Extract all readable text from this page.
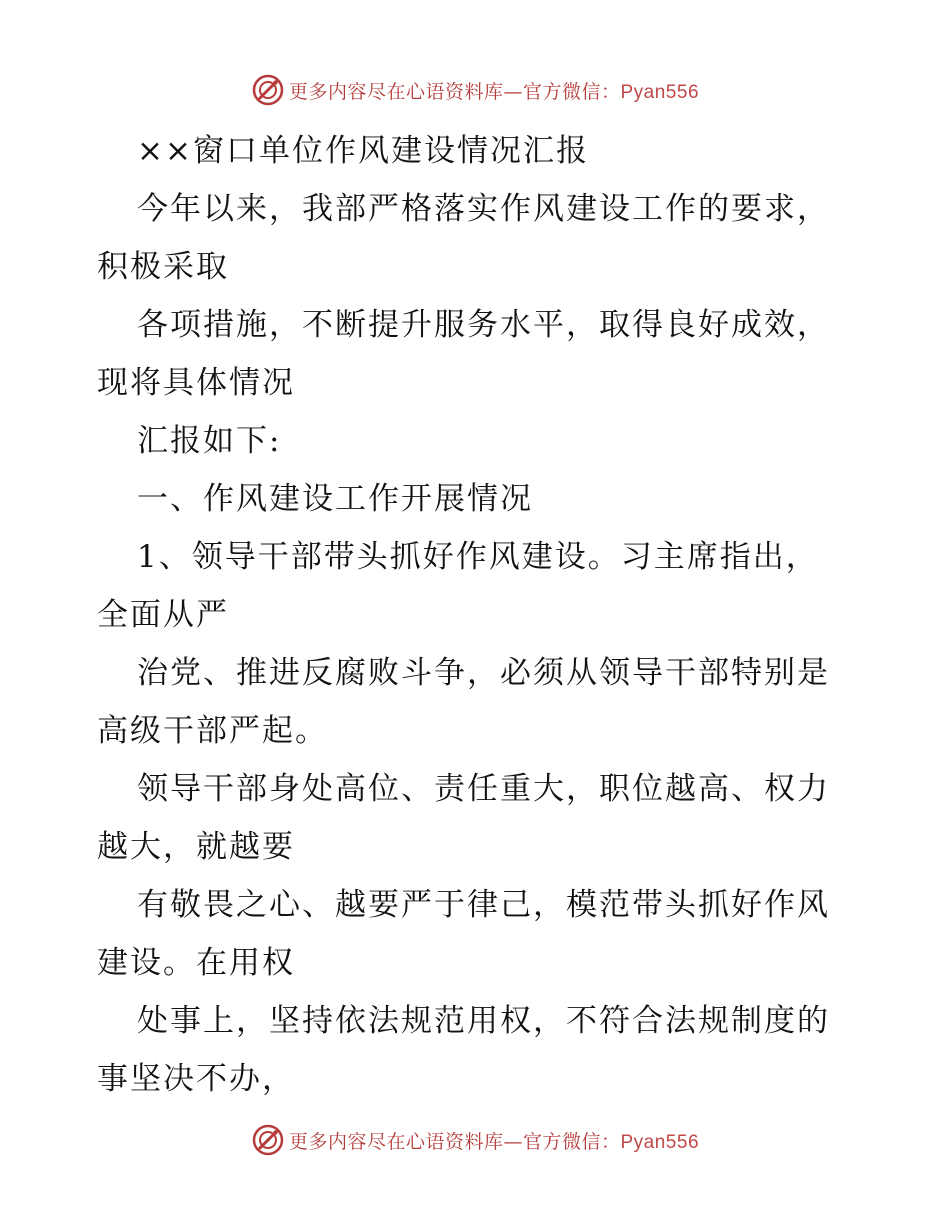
更多内容尽在心语资料库—官方微信：Pyan556
××窗口单位作风建设情况汇报
今年以来，我部严格落实作风建设工作的要求，
积极采取
各项措施，不断提升服务水平，取得良好成效，
现将具体情况
汇报如下:
一、作风建设工作开展情况
1、领导干部带头抓好作风建设。习主席指出，
全面从严
治党、推进反腐败斗争，必须从领导干部特别是
高级干部严起。
领导干部身处高位、责任重大，职位越高、权力
越大，就越要
有敬畏之心、越要严于律己，模范带头抓好作风
建设。在用权
处事上，坚持依法规范用权，不符合法规制度的
事坚决不办，
更多内容尽在心语资料库—官方微信：Pyan556
